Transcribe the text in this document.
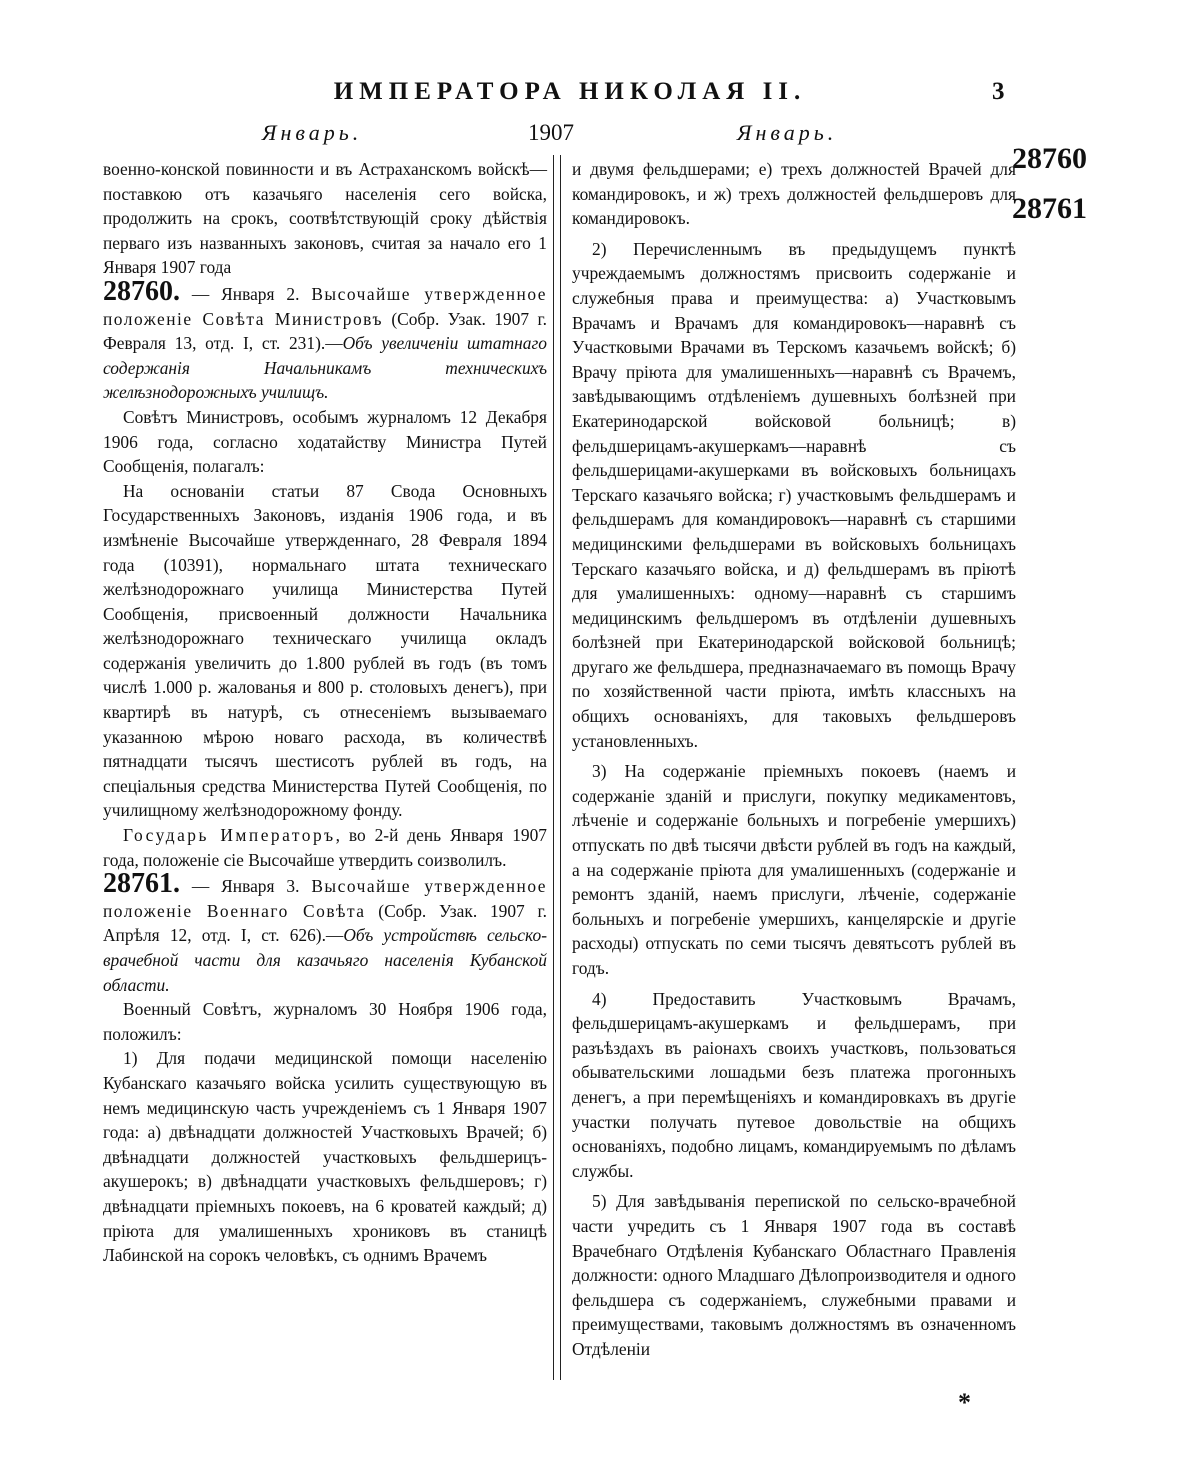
ИМПЕРАТОРА НИКОЛАЯ II.	3
Январь.	1907	Январь.
28760
28761

военно-конской повинности и въ Астраханскомъ войскѣ—поставкою отъ казачьяго населенія сего войска, продолжить на срокъ, соотвѣтствующій сроку дѣйствія перваго изъ названныхъ законовъ, считая за начало его 1 Января 1907 года

28760. — Января 2. Высочайше утвержденное положеніе Совѣта Министровъ (Собр. Узак. 1907 г. Февраля 13, отд. I, ст. 231).—Объ увеличеніи штатнаго содержанія Начальникамъ техническихъ желѣзнодорожныхъ училищъ.

Совѣтъ Министровъ, особымъ журналомъ 12 Декабря 1906 года, согласно ходатайству Министра Путей Сообщенія, полагалъ:

На основаніи статьи 87 Свода Основныхъ Государственныхъ Законовъ, изданія 1906 года, и въ измѣненіе Высочайше утвержденнаго, 28 Февраля 1894 года (10391), нормальнаго штата техническаго желѣзнодорожнаго училища Министерства Путей Сообщенія, присвоенный должности Начальника желѣзнодорожнаго техническаго училища окладъ содержанія увеличить до 1.800 рублей въ годъ (въ томъ числѣ 1.000 р. жалованья и 800 р. столовыхъ денегъ), при квартирѣ въ натурѣ, съ отнесеніемъ вызываемаго указанною мѣрою новаго расхода, въ количествѣ пятнадцати тысячъ шестисотъ рублей въ годъ, на спеціальныя средства Министерства Путей Сообщенія, по училищному желѣзнодорожному фонду.

Государь Императоръ, во 2-й день Января 1907 года, положеніе сіе Высочайше утвердить соизволилъ.

28761. — Января 3. Высочайше утвержденное положеніе Военнаго Совѣта (Собр. Узак. 1907 г. Апрѣля 12, отд. I, ст. 626).—Объ устройствѣ сельско-врачебной части для казачьяго населенія Кубанской области.

Военный Совѣтъ, журналомъ 30 Ноября 1906 года, положилъ:

1) Для подачи медицинской помощи населенію Кубанскаго казачьяго войска усилить существующую въ немъ медицинскую часть учрежденіемъ съ 1 Января 1907 года: а) двѣнадцати должностей Участковыхъ Врачей; б) двѣнадцати должностей участковыхъ фельдшерицъ-акушерокъ; в) двѣнадцати участковыхъ фельдшеровъ; г) двѣнадцати пріемныхъ покоевъ, на 6 кроватей каждый; д) пріюта для умалишенныхъ хрониковъ въ станицѣ Лабинской на сорокъ человѣкъ, съ однимъ Врачемъ

и двумя фельдшерами; е) трехъ должностей Врачей для командировокъ, и ж) трехъ должностей фельдшеровъ для командировокъ.

2) Перечисленнымъ въ предыдущемъ пунктѣ учреждаемымъ должностямъ присвоить содержаніе и служебныя права и преимущества: а) Участковымъ Врачамъ и Врачамъ для командировокъ—наравнѣ съ Участковыми Врачами въ Терскомъ казачьемъ войскѣ; б) Врачу пріюта для умалишенныхъ—наравнѣ съ Врачемъ, завѣдывающимъ отдѣленіемъ душевныхъ болѣзней при Екатеринодарской войсковой больницѣ; в) фельдшерицамъ-акушеркамъ—наравнѣ съ фельдшерицами-акушерками въ войсковыхъ больницахъ Терскаго казачьяго войска; г) участковымъ фельдшерамъ и фельдшерамъ для командировокъ—наравнѣ съ старшими медицинскими фельдшерами въ войсковыхъ больницахъ Терскаго казачьяго войска, и д) фельдшерамъ въ пріютѣ для умалишенныхъ: одному—наравнѣ съ старшимъ медицинскимъ фельдшеромъ въ отдѣленіи душевныхъ болѣзней при Екатеринодарской войсковой больницѣ; другаго же фельдшера, предназначаемаго въ помощь Врачу по хозяйственной части пріюта, имѣть классныхъ на общихъ основаніяхъ, для таковыхъ фельдшеровъ установленныхъ.

3) На содержаніе пріемныхъ покоевъ (наемъ и содержаніе зданій и прислуги, покупку медикаментовъ, лѣченіе и содержаніе больныхъ и погребеніе умершихъ) отпускать по двѣ тысячи двѣсти рублей въ годъ на каждый, а на содержаніе пріюта для умалишенныхъ (содержаніе и ремонтъ зданій, наемъ прислуги, лѣченіе, содержаніе больныхъ и погребеніе умершихъ, канцелярскіе и другіе расходы) отпускать по семи тысячъ девятьсотъ рублей въ годъ.

4) Предоставить Участковымъ Врачамъ, фельдшерицамъ-акушеркамъ и фельдшерамъ, при разъѣздахъ въ раіонахъ своихъ участковъ, пользоваться обывательскими лошадьми безъ платежа прогонныхъ денегъ, а при перемѣщеніяхъ и командировкахъ въ другіе участки получать путевое довольствіе на общихъ основаніяхъ, подобно лицамъ, командируемымъ по дѣламъ службы.

5) Для завѣдыванія перепиской по сельско-врачебной части учредить съ 1 Января 1907 года въ составѣ Врачебнаго Отдѣленія Кубанскаго Областнаго Правленія должности: одного Младшаго Дѣлопроизводителя и одного фельдшера съ содержаніемъ, служебными правами и преимуществами, таковымъ должностямъ въ означенномъ Отдѣленіи

*
